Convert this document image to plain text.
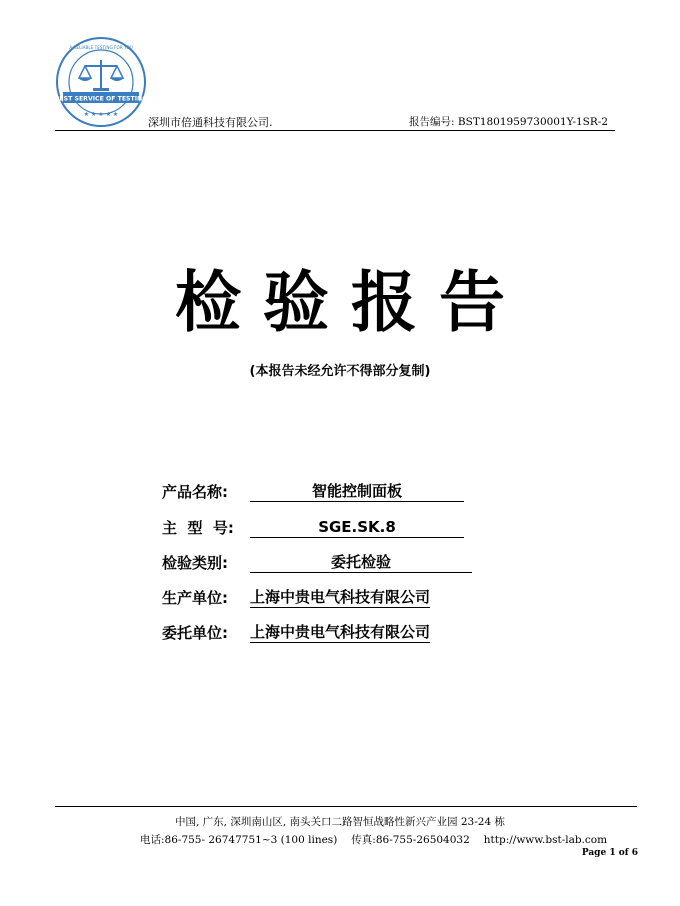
BEST SERVICE OF TESTING
A RELIABLE TESTING FOR YOU
★ ★ ★ ★ ★
深圳市倍通科技有限公司.	报告编号: BST1801959730001Y-1SR-2
检验报告
(本报告未经允许不得部分复制)
产品名称:	智能控制面板
主  型  号:	SGE.SK.8
检验类别:	委托检验
生产单位: 上海中贵电气科技有限公司
委托单位: 上海中贵电气科技有限公司
中国, 广东, 深圳南山区, 南头关口二路智恒战略性新兴产业园 23-24 栋
电话:86-755- 26747751~3 (100 lines) 传真:86-755-26504032 http://www.bst-lab.com
Page 1 of 6
